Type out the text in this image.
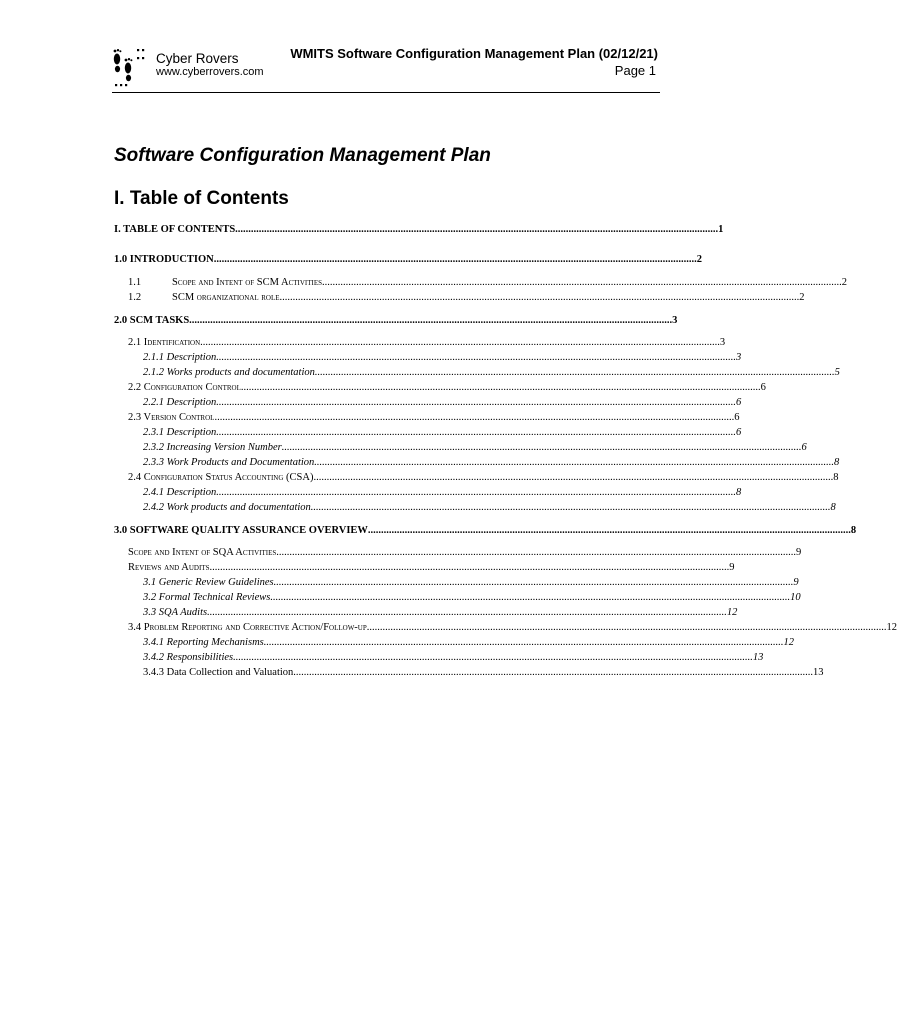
Cyber Rovers
www.cyberrovers.com
WMITS Software Configuration Management Plan (02/12/21)
Page 1
Software Configuration Management Plan
I. Table of Contents
I. TABLE OF CONTENTS ........................................................................................................................................................................................ 1
1.0 INTRODUCTION ........................................................................................................................................................................................ 2
1.1	Scope and Intent of SCM Activities ...................................................................................................................................................................................................... 2
1.2	SCM organizational role ...................................................................................................................................................................................................... 2
2.0 SCM TASKS ........................................................................................................................................................................................ 3
2.1 Identification ...................................................................................................................................................................................................... 3
2.1.1 Description ...................................................................................................................................................................................................... 3
2.1.2 Works products and documentation ...................................................................................................................................................................................................... 5
2.2 Configuration Control ...................................................................................................................................................................................................... 6
2.2.1 Description ...................................................................................................................................................................................................... 6
2.3 Version Control ...................................................................................................................................................................................................... 6
2.3.1 Description ...................................................................................................................................................................................................... 6
2.3.2 Increasing Version Number ...................................................................................................................................................................................................... 6
2.3.3 Work Products and Documentation ...................................................................................................................................................................................................... 8
2.4 Configuration Status Accounting (CSA) ...................................................................................................................................................................................................... 8
2.4.1 Description ...................................................................................................................................................................................................... 8
2.4.2 Work products and documentation ...................................................................................................................................................................................................... 8
3.0 SOFTWARE QUALITY ASSURANCE OVERVIEW ........................................................................................................................................................................................ 8
Scope and Intent of SQA Activities ...................................................................................................................................................................................................... 9
Reviews and Audits ...................................................................................................................................................................................................... 9
3.1 Generic Review Guidelines ...................................................................................................................................................................................................... 9
3.2 Formal Technical Reviews ...................................................................................................................................................................................................... 10
3.3 SQA Audits ...................................................................................................................................................................................................... 12
3.4 Problem Reporting and Corrective Action/Follow-up ...................................................................................................................................................................................................... 12
3.4.1 Reporting Mechanisms ...................................................................................................................................................................................................... 12
3.4.2 Responsibilities ...................................................................................................................................................................................................... 13
3.4.3 Data Collection and Valuation ...................................................................................................................................................................................................... 13
